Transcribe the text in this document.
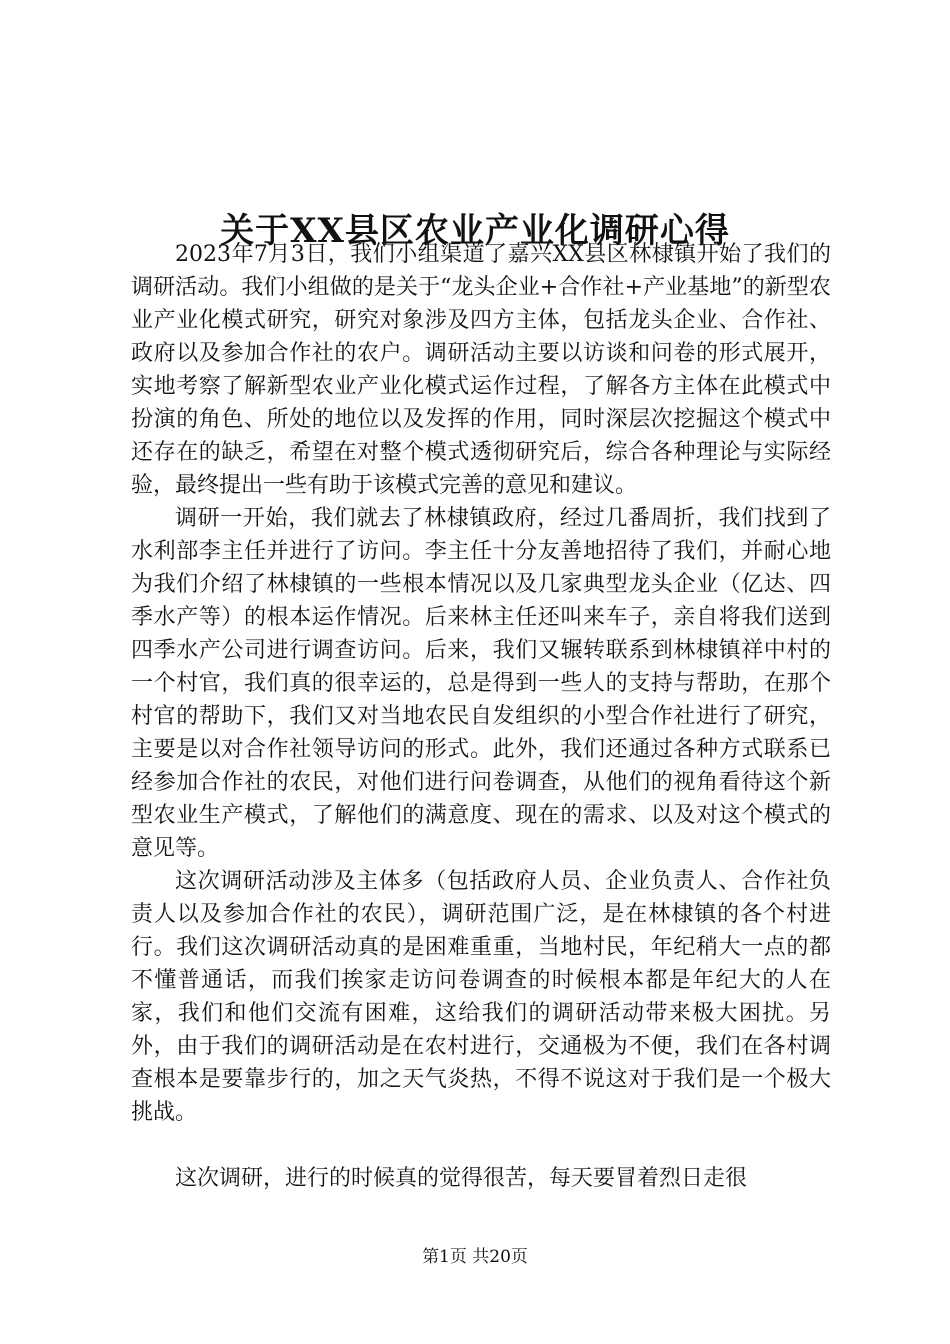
关于XX县区农业产业化调研心得

2023年7月3日，我们小组渠道了嘉兴XX县区林棣镇开始了我们的调研活动。我们小组做的是关于“龙头企业+合作社+产业基地”的新型农业产业化模式研究，研究对象涉及四方主体，包括龙头企业、合作社、政府以及参加合作社的农户。调研活动主要以访谈和问卷的形式展开，实地考察了解新型农业产业化模式运作过程，了解各方主体在此模式中扮演的角色、所处的地位以及发挥的作用，同时深层次挖掘这个模式中还存在的缺乏，希望在对整个模式透彻研究后，综合各种理论与实际经验，最终提出一些有助于该模式完善的意见和建议。

调研一开始，我们就去了林棣镇政府，经过几番周折，我们找到了水利部李主任并进行了访问。李主任十分友善地招待了我们，并耐心地为我们介绍了林棣镇的一些根本情况以及几家典型龙头企业（亿达、四季水产等）的根本运作情况。后来林主任还叫来车子，亲自将我们送到四季水产公司进行调查访问。后来，我们又辗转联系到林棣镇祥中村的一个村官，我们真的很幸运的，总是得到一些人的支持与帮助，在那个村官的帮助下，我们又对当地农民自发组织的小型合作社进行了研究，主要是以对合作社领导访问的形式。此外，我们还通过各种方式联系已经参加合作社的农民，对他们进行问卷调查，从他们的视角看待这个新型农业生产模式，了解他们的满意度、现在的需求、以及对这个模式的意见等。

这次调研活动涉及主体多（包括政府人员、企业负责人、合作社负责人以及参加合作社的农民），调研范围广泛，是在林棣镇的各个村进行。我们这次调研活动真的是困难重重，当地村民，年纪稍大一点的都不懂普通话，而我们挨家走访问卷调查的时候根本都是年纪大的人在家，我们和他们交流有困难，这给我们的调研活动带来极大困扰。另外，由于我们的调研活动是在农村进行，交通极为不便，我们在各村调查根本是要靠步行的，加之天气炎热，不得不说这对于我们是一个极大挑战。

这次调研，进行的时候真的觉得很苦，每天要冒着烈日走很

第1页 共20页
